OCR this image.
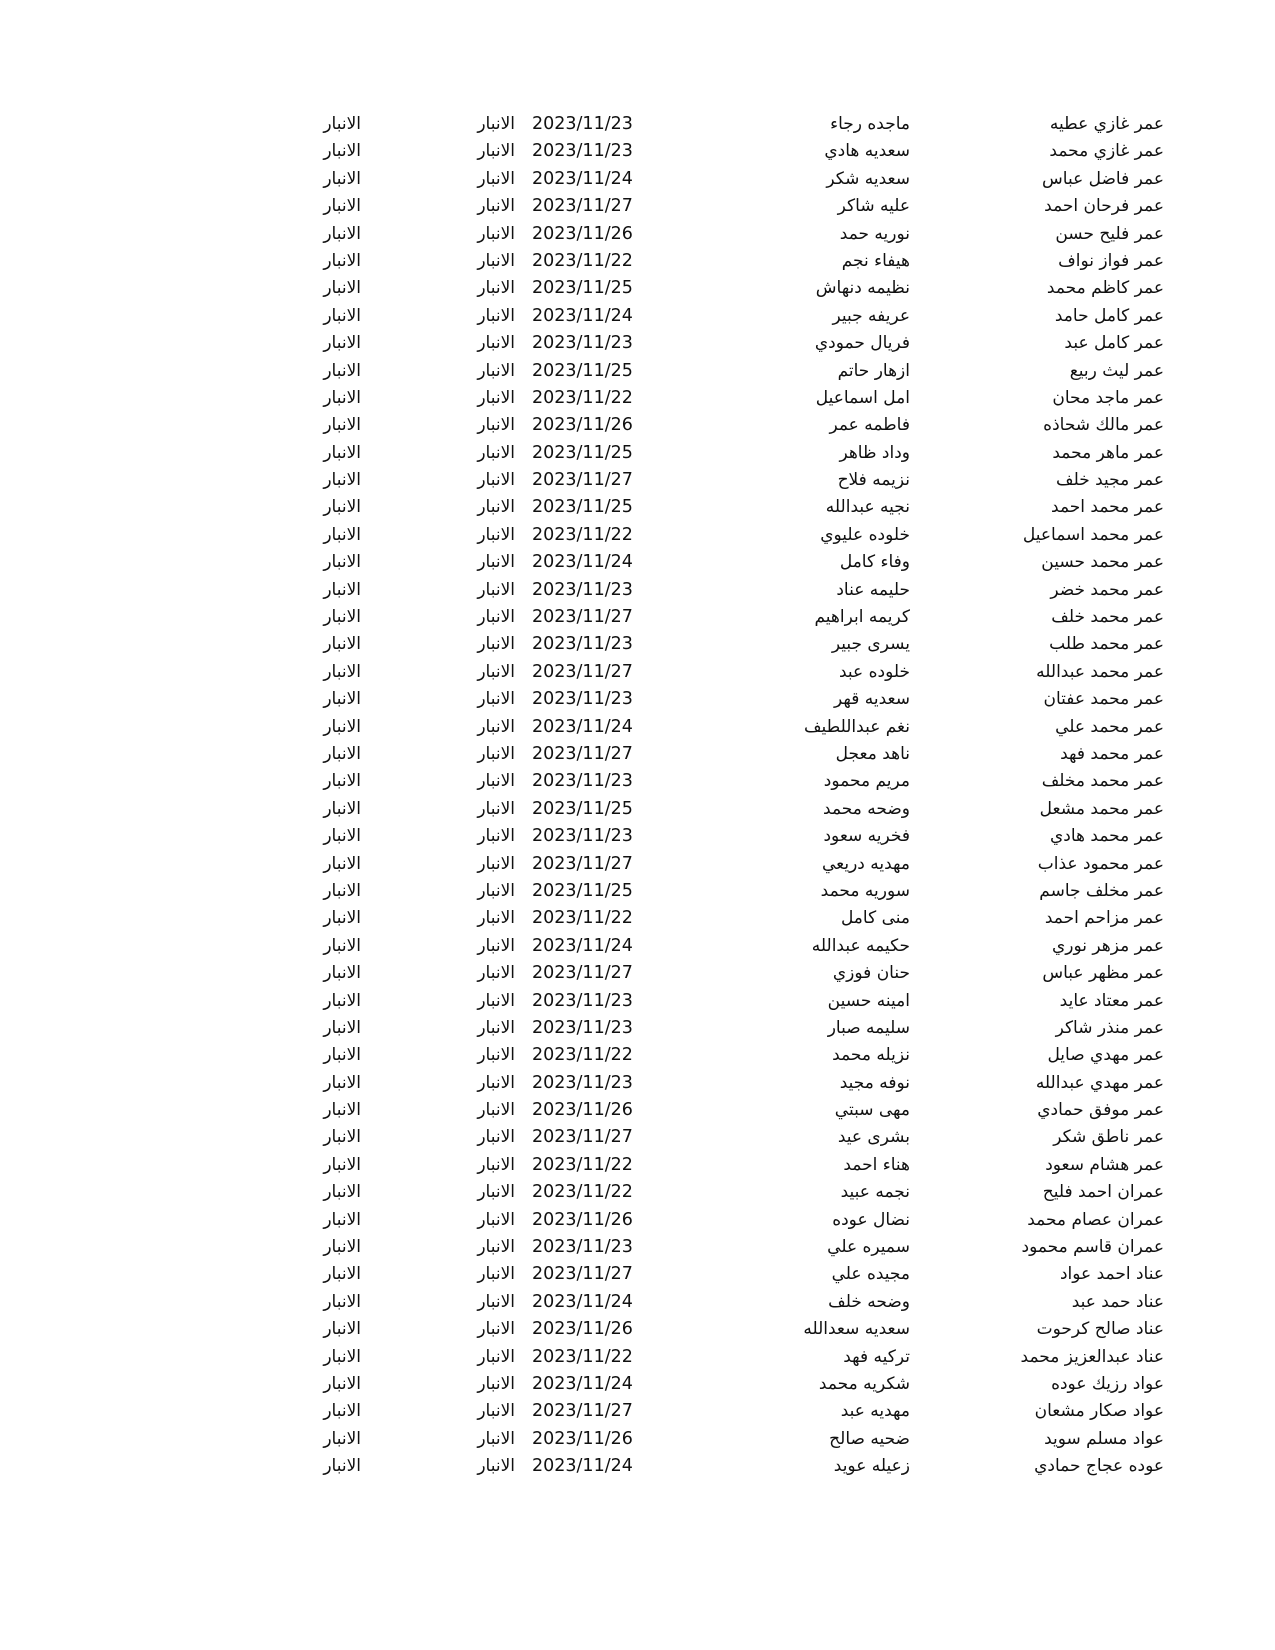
عمر غازي عطيه
ماجده رجاء
2023/11/23
الانبار
الانبار
عمر غازي محمد
سعديه هادي
2023/11/23
الانبار
الانبار
عمر فاضل عباس
سعديه شكر
2023/11/24
الانبار
الانبار
عمر فرحان احمد
عليه شاكر
2023/11/27
الانبار
الانبار
عمر فليح حسن
نوريه حمد
2023/11/26
الانبار
الانبار
عمر فواز نواف
هيفاء نجم
2023/11/22
الانبار
الانبار
عمر كاظم محمد
نظيمه دنهاش
2023/11/25
الانبار
الانبار
عمر كامل حامد
عريفه جبير
2023/11/24
الانبار
الانبار
عمر كامل عبد
فريال حمودي
2023/11/23
الانبار
الانبار
عمر ليث ربيع
ازهار حاتم
2023/11/25
الانبار
الانبار
عمر ماجد محان
امل اسماعيل
2023/11/22
الانبار
الانبار
عمر مالك شحاذه
فاطمه عمر
2023/11/26
الانبار
الانبار
عمر ماهر محمد
وداد ظاهر
2023/11/25
الانبار
الانبار
عمر مجيد خلف
نزيمه فلاح
2023/11/27
الانبار
الانبار
عمر محمد احمد
نجيه عبدالله
2023/11/25
الانبار
الانبار
عمر محمد اسماعيل
خلوده عليوي
2023/11/22
الانبار
الانبار
عمر محمد حسين
وفاء كامل
2023/11/24
الانبار
الانبار
عمر محمد خضر
حليمه عناد
2023/11/23
الانبار
الانبار
عمر محمد خلف
كريمه ابراهيم
2023/11/27
الانبار
الانبار
عمر محمد طلب
يسرى جبير
2023/11/23
الانبار
الانبار
عمر محمد عبدالله
خلوده عبد
2023/11/27
الانبار
الانبار
عمر محمد عفتان
سعديه قهر
2023/11/23
الانبار
الانبار
عمر محمد علي
نغم عبداللطيف
2023/11/24
الانبار
الانبار
عمر محمد فهد
ناهد معجل
2023/11/27
الانبار
الانبار
عمر محمد مخلف
مريم محمود
2023/11/23
الانبار
الانبار
عمر محمد مشعل
وضحه محمد
2023/11/25
الانبار
الانبار
عمر محمد هادي
فخريه سعود
2023/11/23
الانبار
الانبار
عمر محمود عذاب
مهديه دريعي
2023/11/27
الانبار
الانبار
عمر مخلف جاسم
سوريه محمد
2023/11/25
الانبار
الانبار
عمر مزاحم احمد
منى كامل
2023/11/22
الانبار
الانبار
عمر مزهر نوري
حكيمه عبدالله
2023/11/24
الانبار
الانبار
عمر مظهر عباس
حنان فوزي
2023/11/27
الانبار
الانبار
عمر معتاد عايد
امينه حسين
2023/11/23
الانبار
الانبار
عمر منذر شاكر
سليمه صبار
2023/11/23
الانبار
الانبار
عمر مهدي صايل
نزيله محمد
2023/11/22
الانبار
الانبار
عمر مهدي عبدالله
نوفه مجيد
2023/11/23
الانبار
الانبار
عمر موفق حمادي
مهى سبتي
2023/11/26
الانبار
الانبار
عمر ناطق شكر
بشرى عيد
2023/11/27
الانبار
الانبار
عمر هشام سعود
هناء احمد
2023/11/22
الانبار
الانبار
عمران احمد فليح
نجمه عبيد
2023/11/22
الانبار
الانبار
عمران عصام محمد
نضال عوده
2023/11/26
الانبار
الانبار
عمران قاسم محمود
سميره علي
2023/11/23
الانبار
الانبار
عناد احمد عواد
مجيده علي
2023/11/27
الانبار
الانبار
عناد حمد عبد
وضحه خلف
2023/11/24
الانبار
الانبار
عناد صالح كرحوت
سعديه سعدالله
2023/11/26
الانبار
الانبار
عناد عبدالعزيز محمد
تركيه فهد
2023/11/22
الانبار
الانبار
عواد رزيك عوده
شكريه محمد
2023/11/24
الانبار
الانبار
عواد صكار مشعان
مهديه عبد
2023/11/27
الانبار
الانبار
عواد مسلم سويد
ضحيه صالح
2023/11/26
الانبار
الانبار
عوده عجاج حمادي
زعيله عويد
2023/11/24
الانبار
الانبار
